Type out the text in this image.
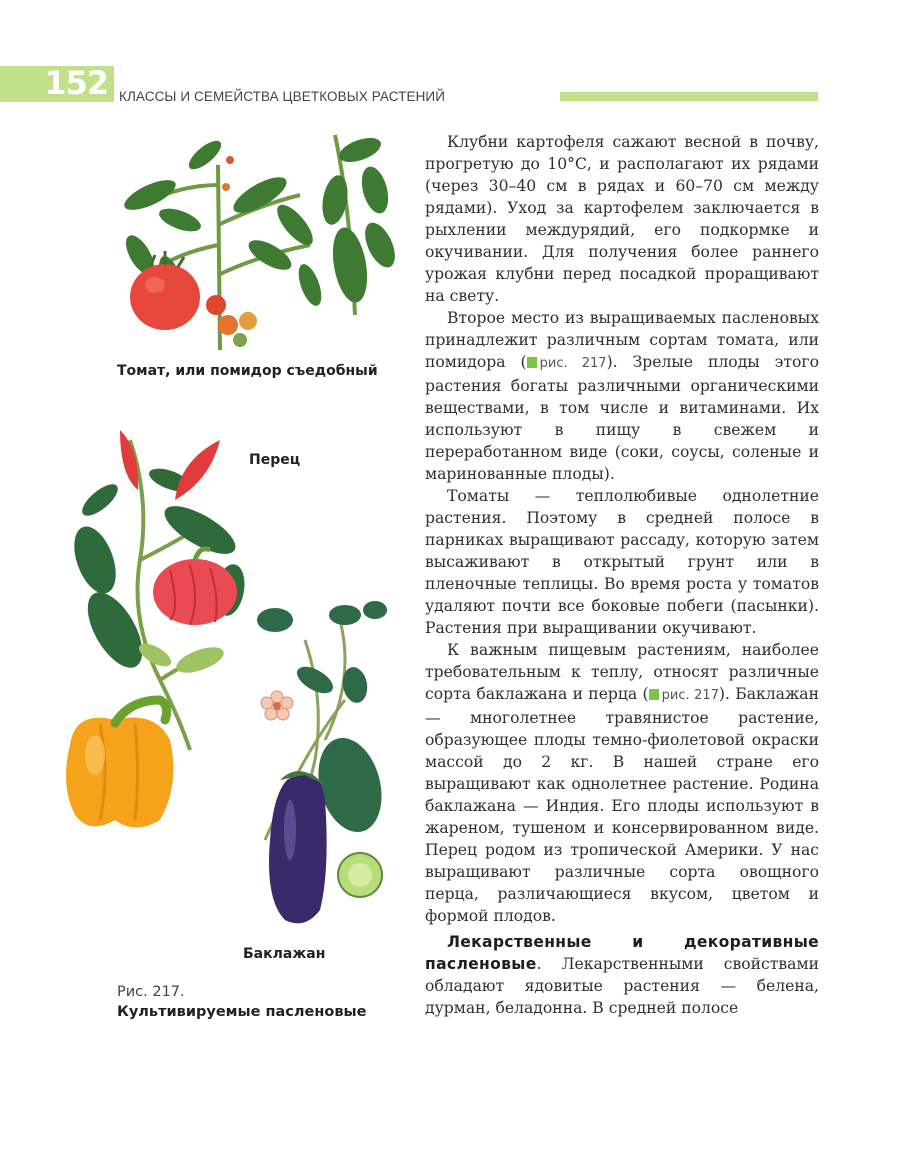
152 КЛАССЫ И СЕМЕЙСТВА ЦВЕТКОВЫХ РАСТЕНИЙ
Томат, или помидор съедобный
Перец
Баклажан
Рис. 217.
Культивируемые пасленовые

Клубни картофеля сажают весной в почву, прогретую до 10°С, и располагают их рядами (через 30–40 см в рядах и 60–70 см между рядами). Уход за картофелем заключается в рыхлении междурядий, его подкормке и окучивании. Для получения более раннего урожая клубни перед посадкой проращивают на свету.

Второе место из выращиваемых пасленовых принадлежит различным сортам томата, или помидора ( рис. 217). Зрелые плоды этого растения богаты различными органическими веществами, в том числе и витаминами. Их используют в пищу в свежем и переработанном виде (соки, соусы, соленые и маринованные плоды).

Томаты — теплолюбивые однолетние растения. Поэтому в средней полосе в парниках выращивают рассаду, которую затем высаживают в открытый грунт или в пленочные теплицы. Во время роста у томатов удаляют почти все боковые побеги (пасынки). Растения при выращивании окучивают.

К важным пищевым растениям, наиболее требовательным к теплу, относят различные сорта баклажана и перца ( рис. 217). Баклажан — многолетнее травянистое растение, образующее плоды темно-фиолетовой окраски массой до 2 кг. В нашей стране его выращивают как однолетнее растение. Родина баклажана — Индия. Его плоды используют в жареном, тушеном и консервированном виде. Перец родом из тропической Америки. У нас выращивают различные сорта овощного перца, различающиеся вкусом, цветом и формой плодов.

Лекарственные и декоративные пасленовые. Лекарственными свойствами обладают ядовитые растения — белена, дурман, беладонна. В средней полосе
